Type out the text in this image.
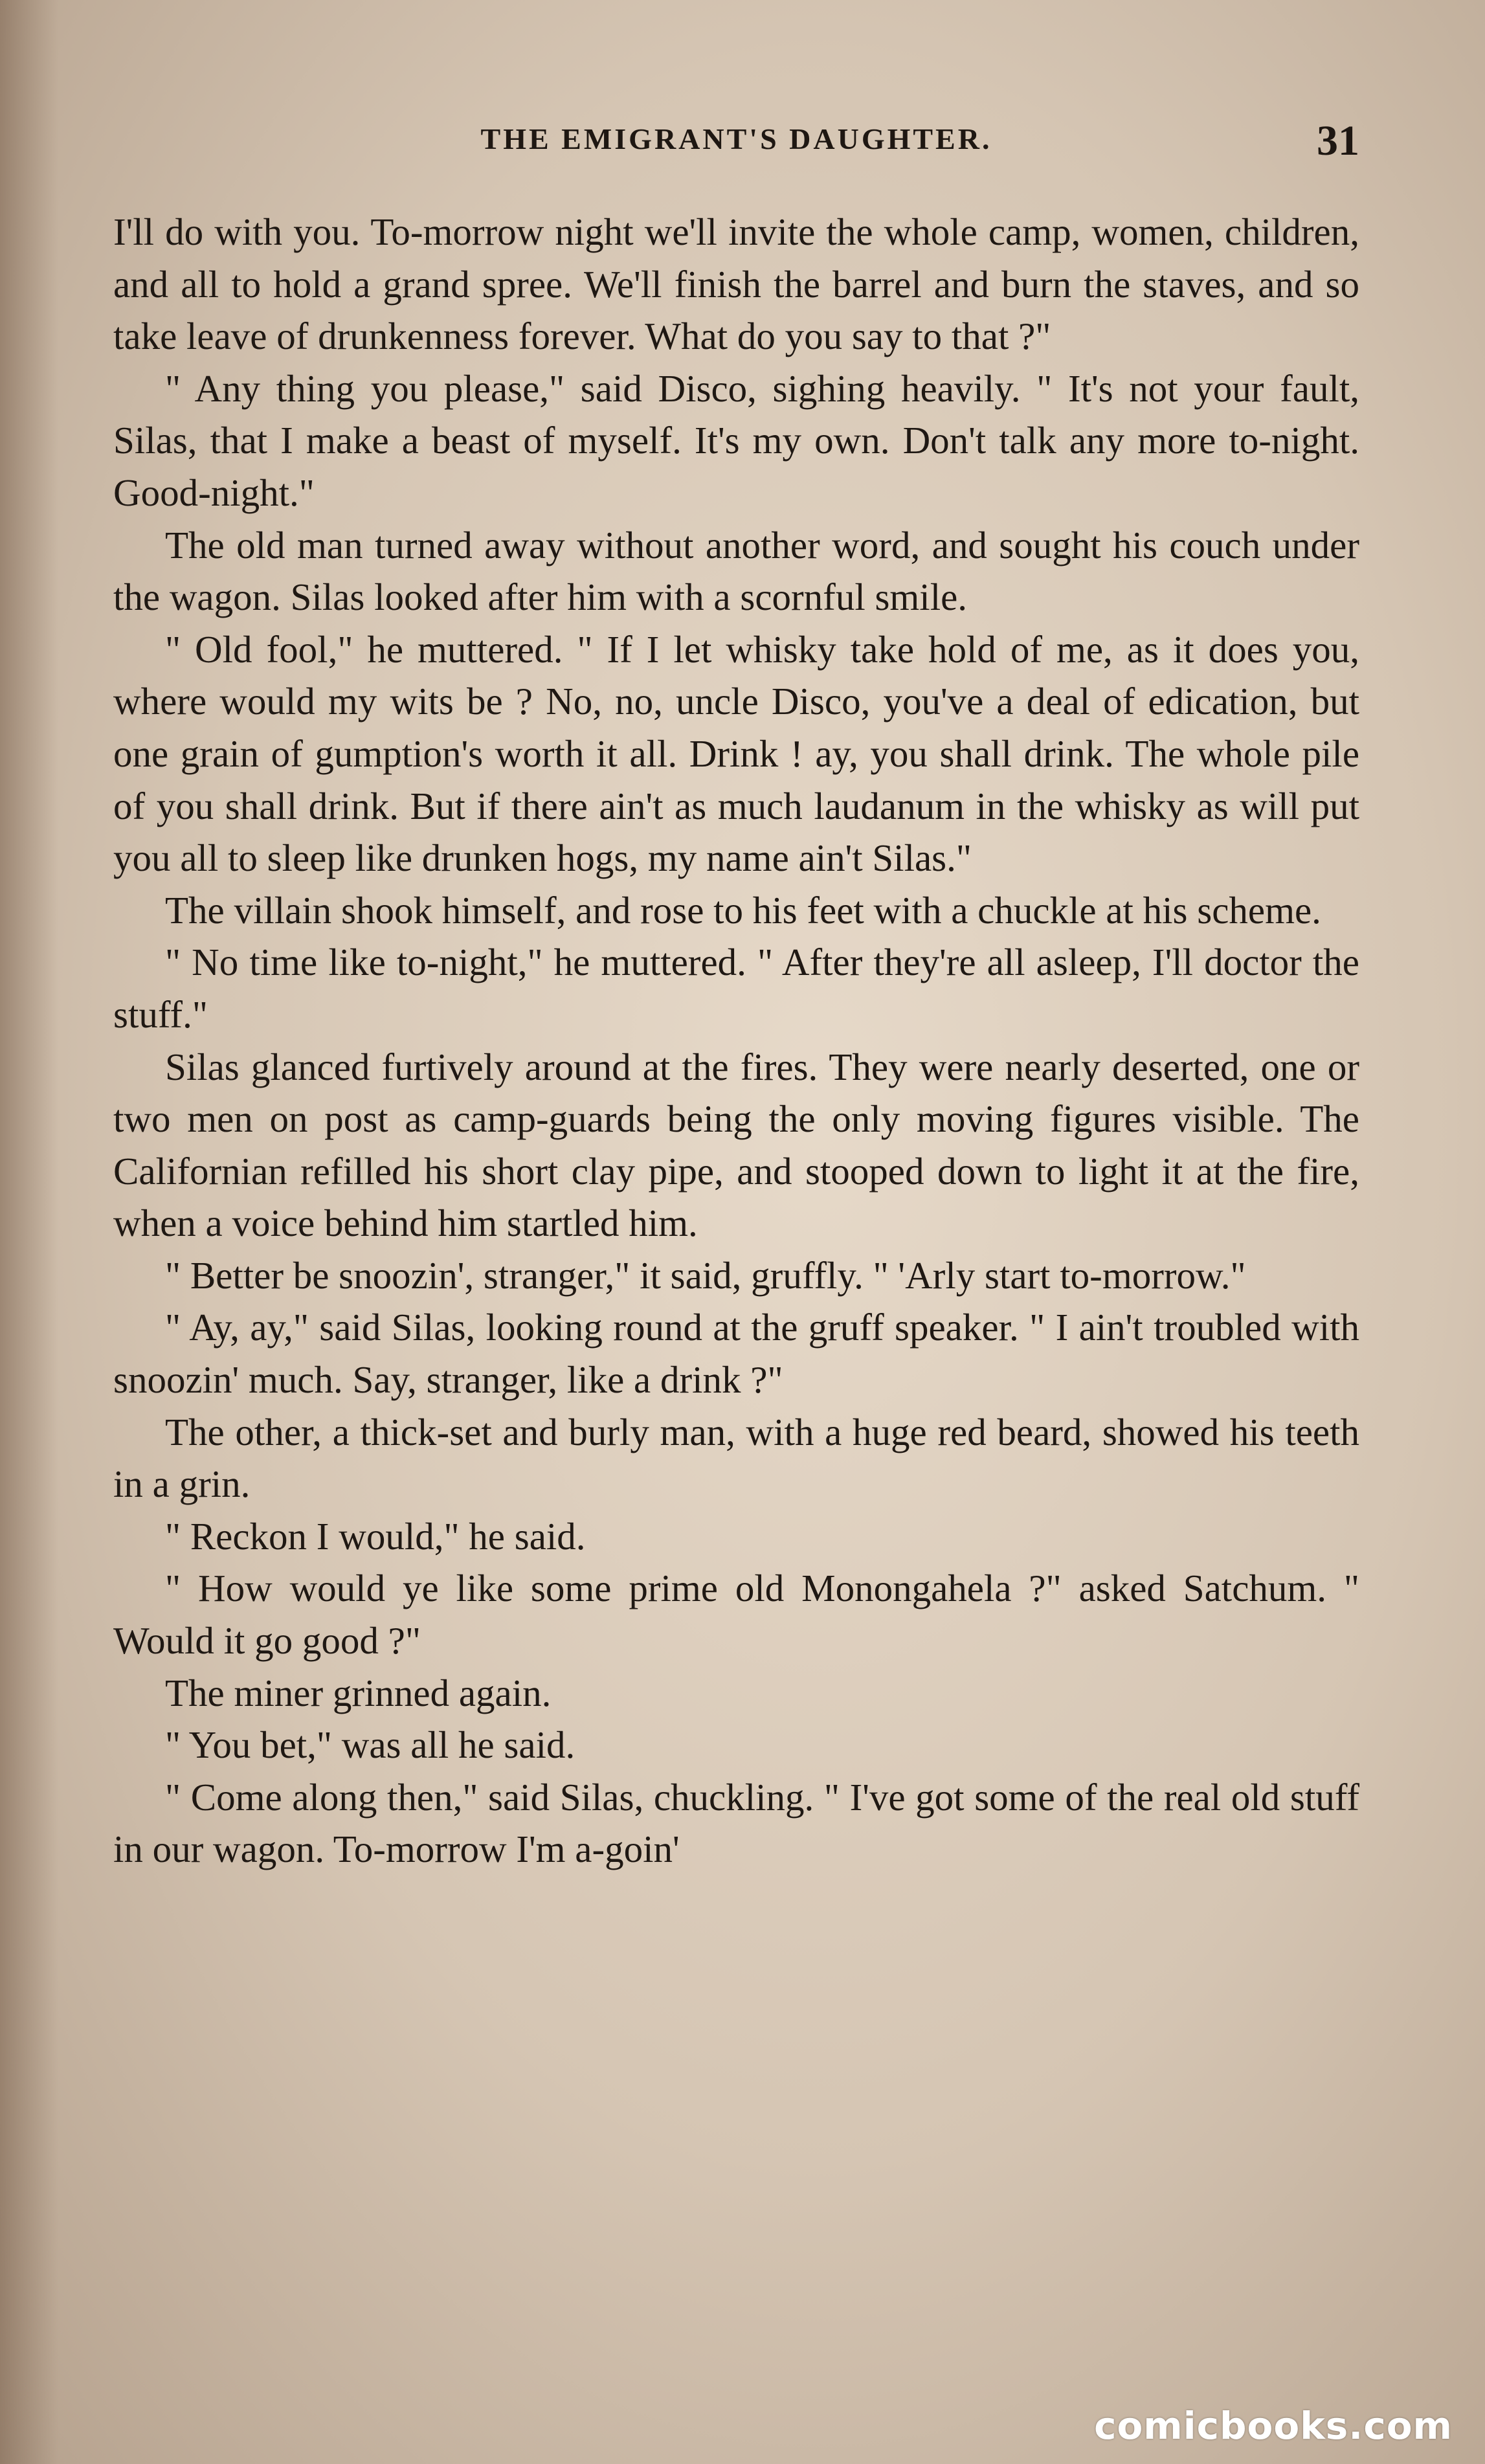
THE EMIGRANT'S DAUGHTER.	31

I'll do with you. To-morrow night we'll invite the whole camp, women, children, and all to hold a grand spree. We'll finish the barrel and burn the staves, and so take leave of drunkenness forever. What do you say to that ?"

" Any thing you please," said Disco, sighing heavily. " It's not your fault, Silas, that I make a beast of myself. It's my own. Don't talk any more to-night. Good-night."

The old man turned away without another word, and sought his couch under the wagon. Silas looked after him with a scornful smile.

" Old fool," he muttered. " If I let whisky take hold of me, as it does you, where would my wits be ? No, no, uncle Disco, you've a deal of edication, but one grain of gumption's worth it all. Drink ! ay, you shall drink. The whole pile of you shall drink. But if there ain't as much laudanum in the whisky as will put you all to sleep like drunken hogs, my name ain't Silas."

The villain shook himself, and rose to his feet with a chuckle at his scheme.

" No time like to-night," he muttered. " After they're all asleep, I'll doctor the stuff."

Silas glanced furtively around at the fires. They were nearly deserted, one or two men on post as camp-guards being the only moving figures visible. The Californian refilled his short clay pipe, and stooped down to light it at the fire, when a voice behind him startled him.

" Better be snoozin', stranger," it said, gruffly. " 'Arly start to-morrow."

" Ay, ay," said Silas, looking round at the gruff speaker. " I ain't troubled with snoozin' much. Say, stranger, like a drink ?"

The other, a thick-set and burly man, with a huge red beard, showed his teeth in a grin.

" Reckon I would," he said.

" How would ye like some prime old Monongahela ?" asked Satchum. " Would it go good ?"

The miner grinned again.

" You bet," was all he said.

" Come along then," said Silas, chuckling. " I've got some of the real old stuff in our wagon. To-morrow I'm a-goin'

comicbooks.com
